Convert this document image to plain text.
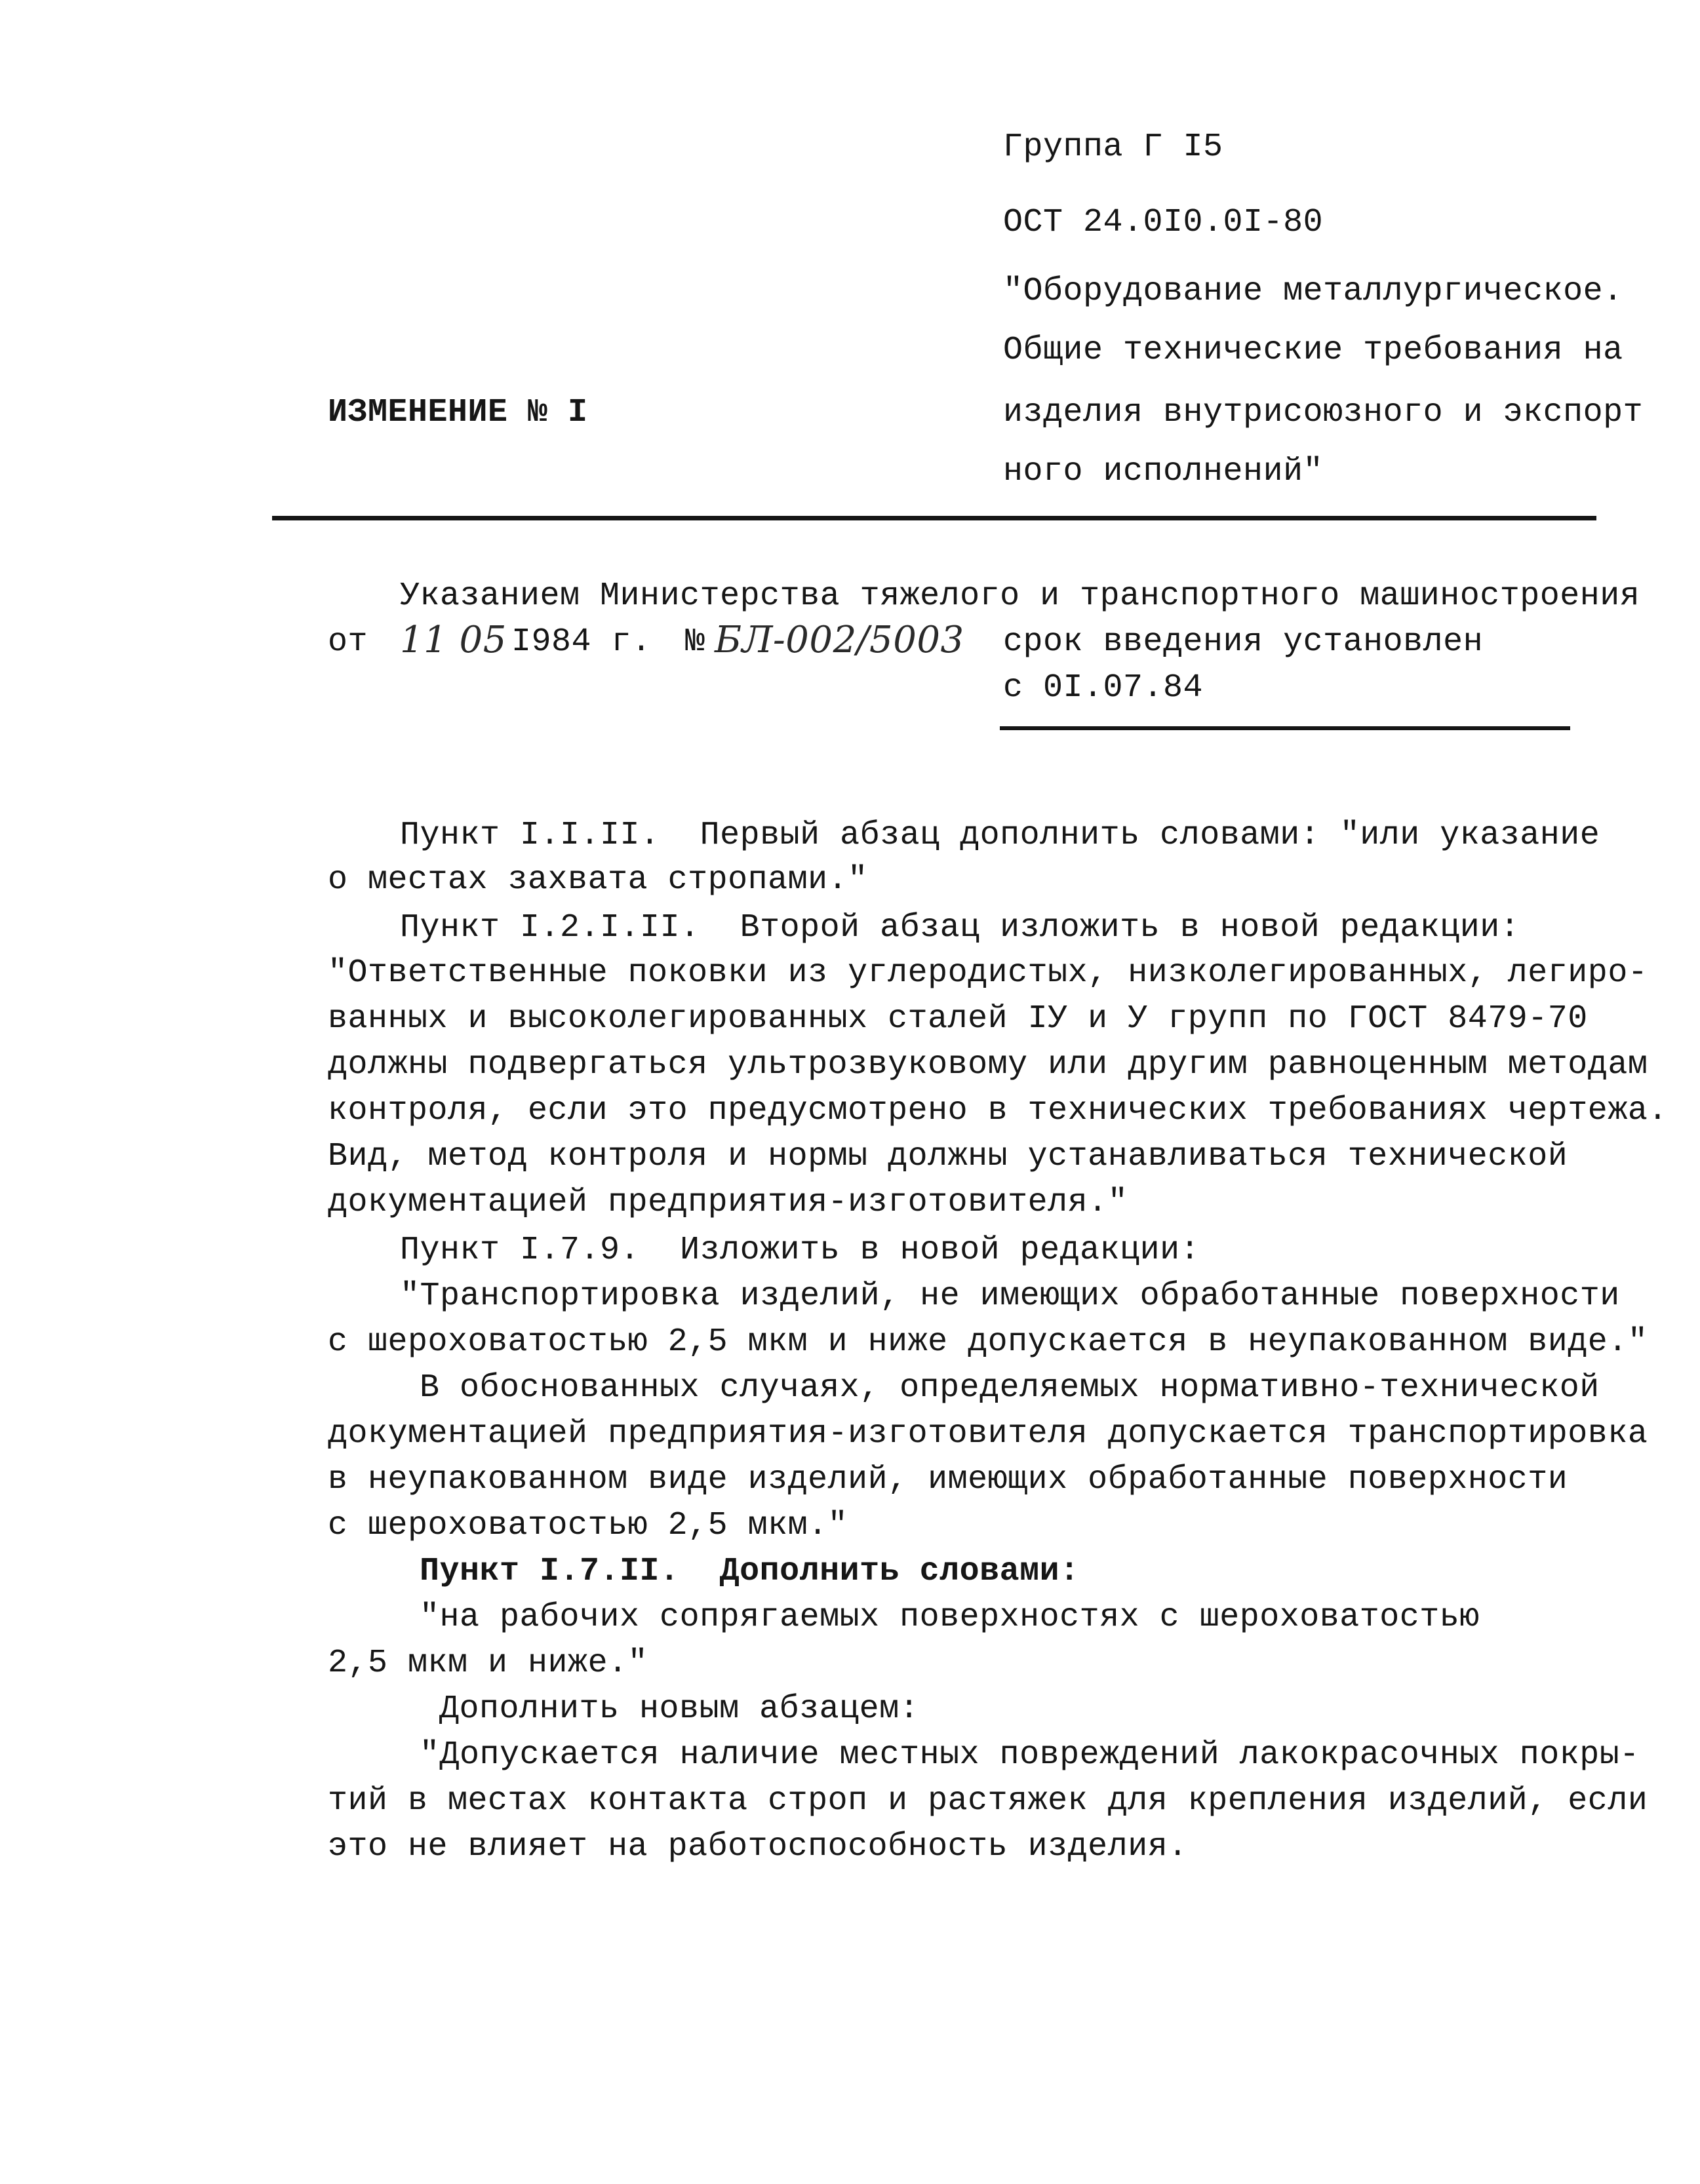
Группа Г I5
ОСТ 24.0I0.0I-80
"Оборудование металлургическое.
Общие технические требования на
изделия внутрисоюзного и экспорт
ного исполнений"
ИЗМЕНЕНИЕ № I
Указанием Министерства тяжелого и транспортного машиностроения
от 11 05 I984 г. № БЛ-002/5003 срок введения установлен
с 0I.07.84
Пункт I.I.II.  Первый абзац дополнить словами: "или указание
о местах захвата стропами."
Пункт I.2.I.II.  Второй абзац изложить в новой редакции:
"Ответственные поковки из углеродистых, низколегированных, легиро-
ванных и высоколегированных сталей IУ и У групп по ГОСТ 8479-70
должны подвергаться ультрозвуковому или другим равноценным методам
контроля, если это предусмотрено в технических требованиях чертежа.
Вид, метод контроля и нормы должны устанавливаться технической
документацией предприятия-изготовителя."
Пункт I.7.9.  Изложить в новой редакции:
"Транспортировка изделий, не имеющих обработанные поверхности
с шероховатостью 2,5 мкм и ниже допускается в неупакованном виде."
В обоснованных случаях, определяемых нормативно-технической
документацией предприятия-изготовителя допускается транспортировка
в неупакованном виде изделий, имеющих обработанные поверхности
с шероховатостью 2,5 мкм."
Пункт I.7.II.  Дополнить словами:
"на рабочих сопрягаемых поверхностях с шероховатостью
2,5 мкм и ниже."
Дополнить новым абзацем:
"Допускается наличие местных повреждений лакокрасочных покры-
тий в местах контакта строп и растяжек для крепления изделий, если
это не влияет на работоспособность изделия.
